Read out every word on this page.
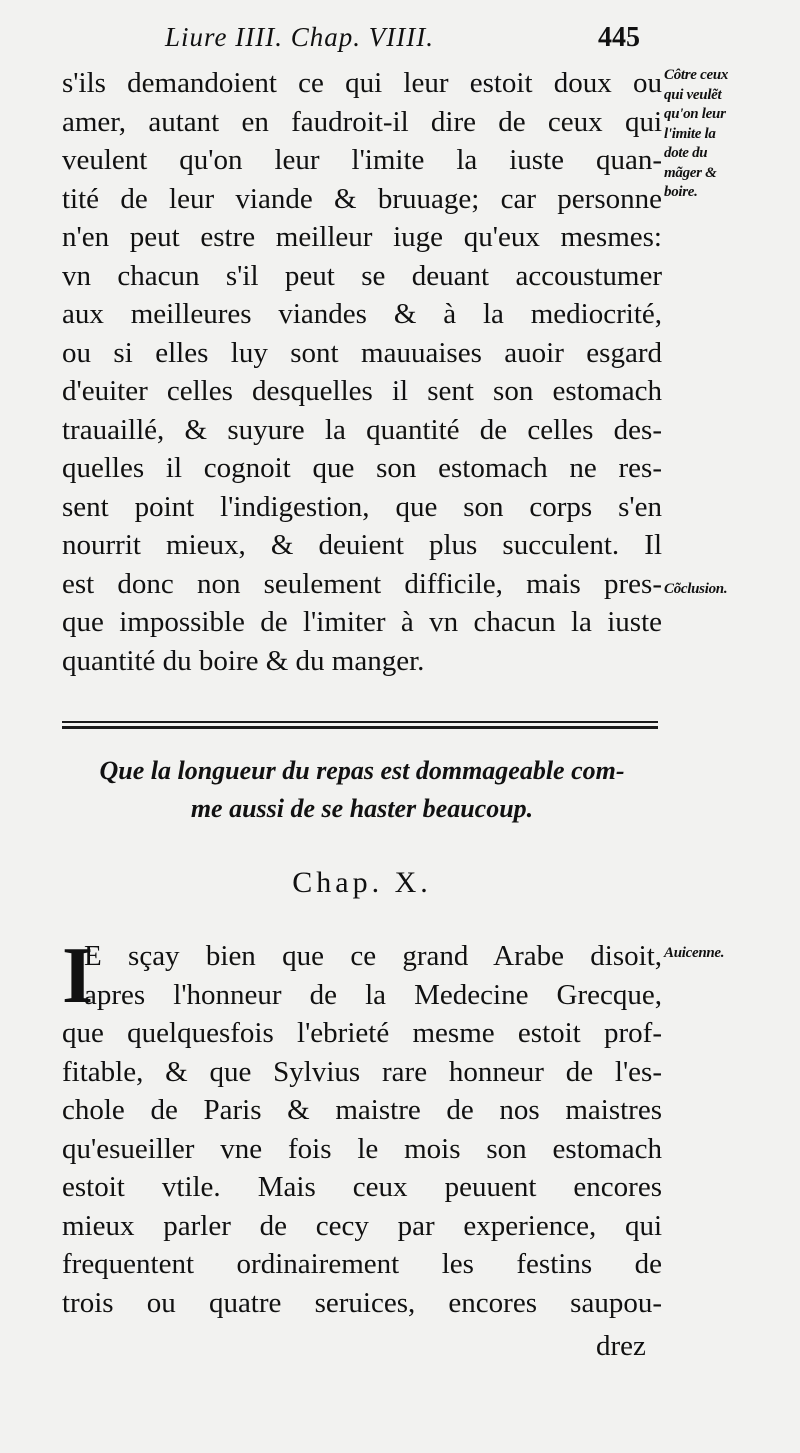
Liure IIII. Chap. VIIII.	445
s'ils demandoient ce qui leur estoit doux ou
amer, autant en faudroit-il dire de ceux qui
veulent qu'on leur l'imite la iuste quan-
tité de leur viande & bruuage; car personne
n'en peut estre meilleur iuge qu'eux mesmes:
vn chacun s'il peut se deuant accoustumer
aux meilleures viandes & à la mediocrité,
ou si elles luy sont mauuaises auoir esgard
d'euiter celles desquelles il sent son estomach
trauaillé, & suyure la quantité de celles des-
quelles il cognoit que son estomach ne res-
sent point l'indigestion, que son corps s'en
nourrit mieux, & deuient plus succulent. Il
est donc non seulement difficile, mais pres-
que impossible de l'imiter à vn chacun la iuste
quantité du boire & du manger.
Côtre ceux
qui veulẽt
qu'on leur
l'imite la
dote du
mãger &
boire.
Cõclusion.
Que la longueur du repas est dommageable com-
me aussi de se haster beaucoup.
Chap. X.
I	Auicenne.
E sçay bien que ce grand Arabe disoit,
apres l'honneur de la Medecine Grecque,
que quelquesfois l'ebrieté mesme estoit prof-
fitable, & que Sylvius rare honneur de l'es-
chole de Paris & maistre de nos maistres
qu'esueiller vne fois le mois son estomach
estoit vtile. Mais ceux peuuent encores
mieux parler de cecy par experience, qui
frequentent ordinairement les festins de
trois ou quatre seruices, encores saupou-
drez
